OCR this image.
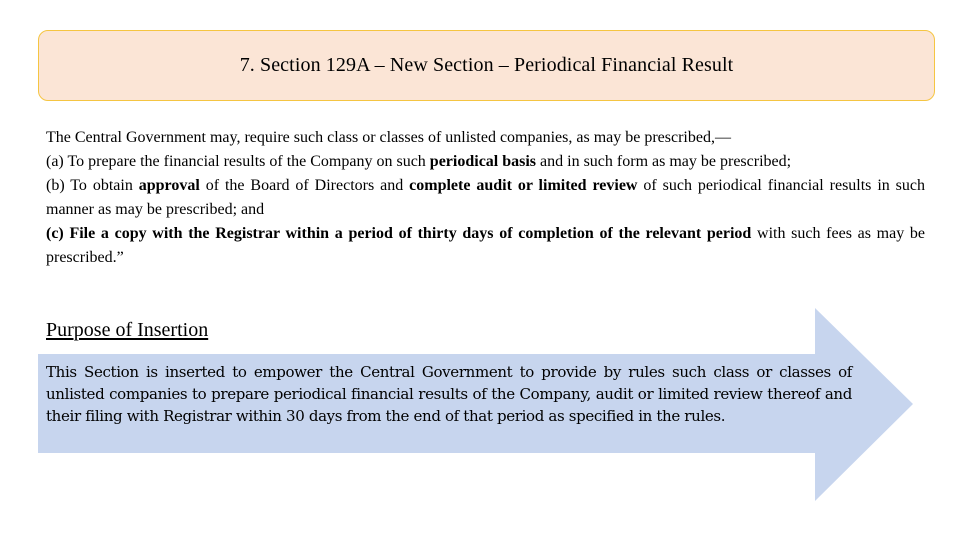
7. Section 129A – New Section – Periodical Financial Result

The Central Government may, require such class or classes of unlisted companies, as may be prescribed,—

(a) To prepare the financial results of the Company on such periodical basis and in such form as may be prescribed;

(b) To obtain approval of the Board of Directors and complete audit or limited review of such periodical financial results in such manner as may be prescribed; and

(c) File a copy with the Registrar within a period of thirty days of completion of the relevant period with such fees as may be prescribed.”

Purpose of Insertion
This Section is inserted to empower the Central Government to provide by rules such class or classes of unlisted companies to prepare periodical financial results of the Company, audit or limited review thereof and their filing with Registrar within 30 days from the end of that period as specified in the rules.
